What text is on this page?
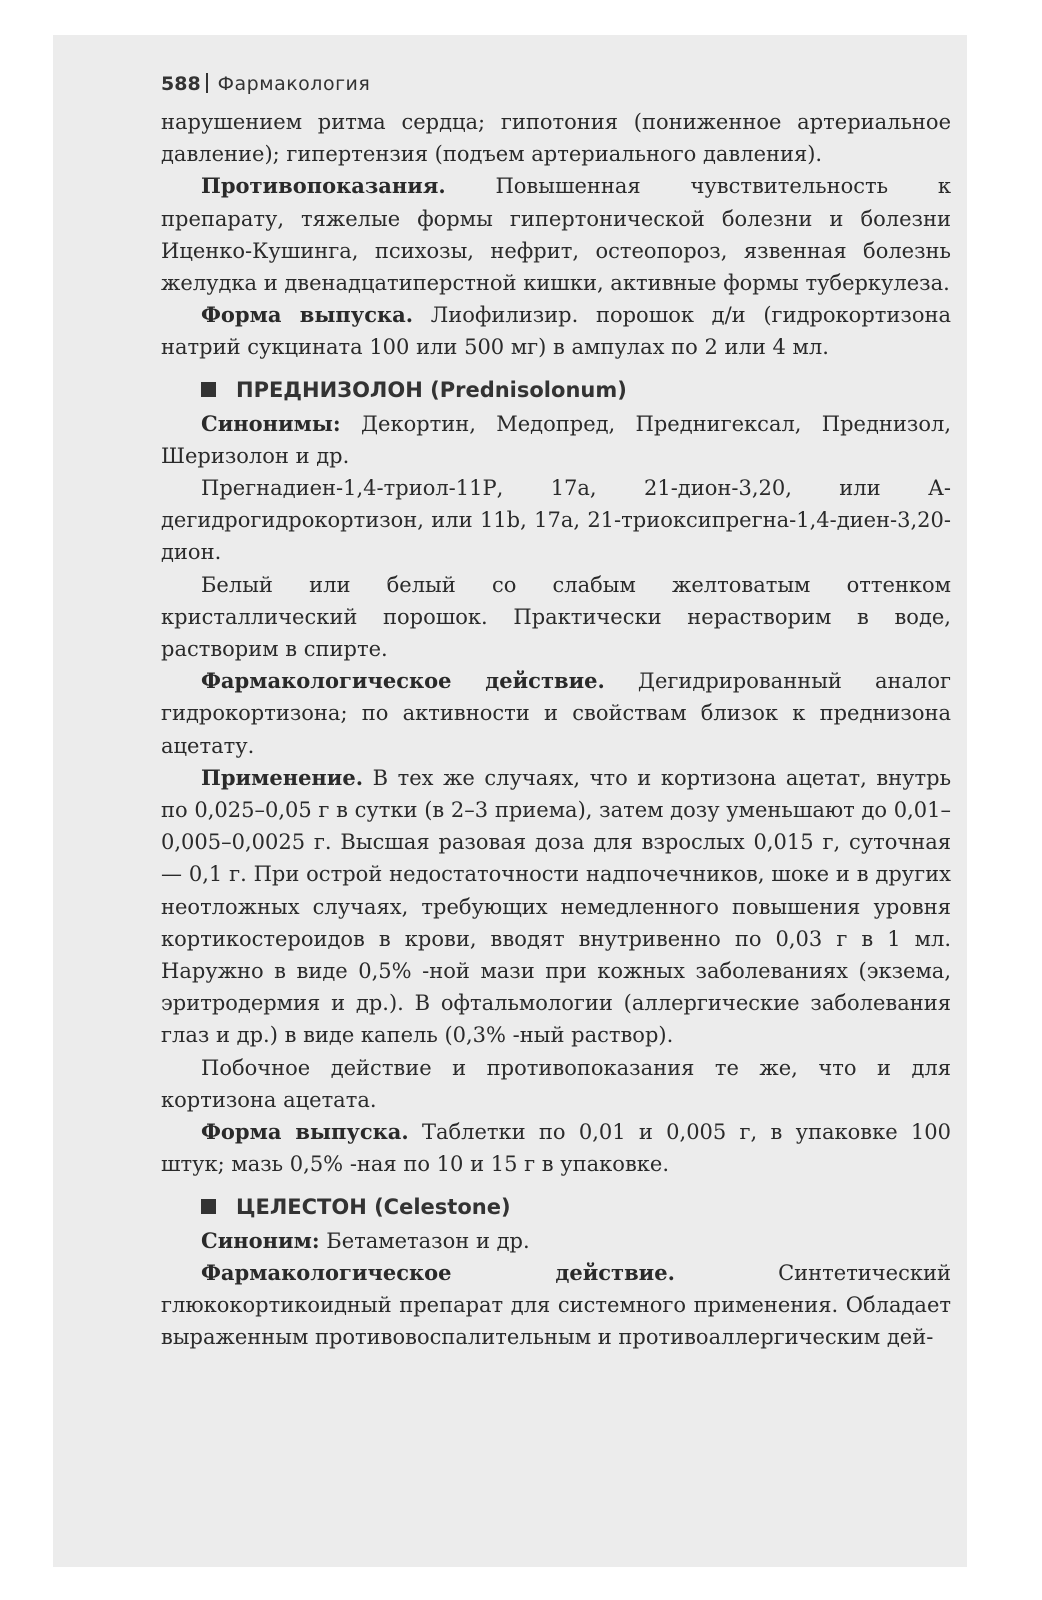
588 Фармакология

нарушением ритма сердца; гипотония (пониженное артериальное давление); гипертензия (подъем артериального давления).

Противопоказания. Повышенная чувствительность к препарату, тяжелые формы гипертонической болезни и болезни Иценко-Кушинга, психозы, нефрит, остеопороз, язвенная болезнь желудка и двенадцатиперстной кишки, активные формы туберкулеза.

Форма выпуска. Лиофилизир. порошок д/и (гидрокортизона натрий сукцината 100 или 500 мг) в ампулах по 2 или 4 мл.

ПРЕДНИЗОЛОН (Prednisolonum)

Синонимы: Декортин, Медопред, Преднигексал, Преднизол, Шеризолон и др.

Прегнадиен-1,4-триол-11Р, 17а, 21-дион-3,20, или А-дегидрогидрокортизон, или 11b, 17а, 21-триоксипрегна-1,4-диен-3,20-дион.

Белый или белый со слабым желтоватым оттенком кристаллический порошок. Практически нерастворим в воде, растворим в спирте.

Фармакологическое действие. Дегидрированный аналог гидрокортизона; по активности и свойствам близок к преднизона ацетату.

Применение. В тех же случаях, что и кортизона ацетат, внутрь по 0,025–0,05 г в сутки (в 2–3 приема), затем дозу уменьшают до 0,01– 0,005–0,0025 г. Высшая разовая доза для взрослых 0,015 г, суточная — 0,1 г. При острой недостаточности надпочечников, шоке и в других неотложных случаях, требующих немедленного повышения уровня кортикостероидов в крови, вводят внутривенно по 0,03 г в 1 мл. Наружно в виде 0,5% -ной мази при кожных заболеваниях (экзема, эритродермия и др.). В офтальмологии (аллергические заболевания глаз и др.) в виде капель (0,3% -ный раствор).

Побочное действие и противопоказания те же, что и для кортизона ацетата.

Форма выпуска. Таблетки по 0,01 и 0,005 г, в упаковке 100 штук; мазь 0,5% -ная по 10 и 15 г в упаковке.

ЦЕЛЕСТОН (Celestone)

Синоним: Бетаметазон и др.

Фармакологическое действие. Синтетический глюкокортикоидный препарат для системного применения. Обладает выраженным противовоспалительным и противоаллергическим дей-
